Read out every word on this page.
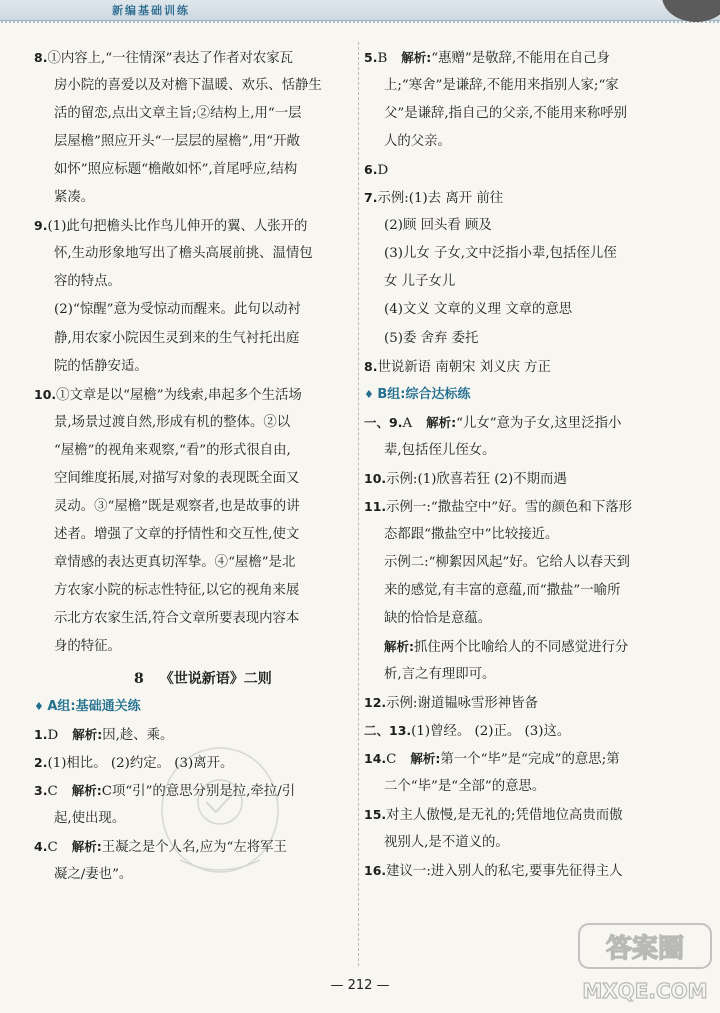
新编基础训练
8.①内容上,“一往情深”表达了作者对农家瓦
房小院的喜爱以及对檐下温暖、欢乐、恬静生
活的留恋,点出文章主旨;②结构上,用“一层
层屋檐”照应开头“一层层的屋檐”,用“开敞
如怀”照应标题“檐敞如怀”,首尾呼应,结构
紧凑。
9.(1)此句把檐头比作鸟儿伸开的翼、人张开的
怀,生动形象地写出了檐头高展前挑、温情包
容的特点。
(2)“惊醒”意为受惊动而醒来。此句以动衬
静,用农家小院因生灵到来的生气衬托出庭
院的恬静安适。
10.①文章是以“屋檐”为线索,串起多个生活场
景,场景过渡自然,形成有机的整体。②以
“屋檐”的视角来观察,“看”的形式很自由,
空间维度拓展,对描写对象的表现既全面又
灵动。③“屋檐”既是观察者,也是故事的讲
述者。增强了文章的抒情性和交互性,使文
章情感的表达更真切浑挚。④“屋檐”是北
方农家小院的标志性特征,以它的视角来展
示北方农家生活,符合文章所要表现内容本
身的特征。
8 《世说新语》二则
♦ A组:基础通关练
1.D 解析:因,趁、乘。
2.(1)相比。 (2)约定。 (3)离开。
3.C 解析:C项“引”的意思分别是拉,牵拉/引
起,使出现。
4.C 解析:王凝之是个人名,应为“左将军王
凝之/妻也”。
5.B 解析:“惠赠”是敬辞,不能用在自己身
上;“寒舍”是谦辞,不能用来指别人家;“家
父”是谦辞,指自己的父亲,不能用来称呼别
人的父亲。
6.D
7.示例:(1)去 离开 前往
(2)顾 回头看 顾及
(3)儿女 子女,文中泛指小辈,包括侄儿侄
女 儿子女儿
(4)文义 文章的义理 文章的意思
(5)委 舍弃 委托
8.世说新语 南朝宋 刘义庆 方正
♦ B组:综合达标练
一、9.A 解析:“儿女”意为子女,这里泛指小
辈,包括侄儿侄女。
10.示例:(1)欣喜若狂 (2)不期而遇
11.示例一:“撒盐空中”好。雪的颜色和下落形
态都跟“撒盐空中”比较接近。
示例二:“柳絮因风起”好。它给人以春天到
来的感觉,有丰富的意蕴,而“撒盐”一喻所
缺的恰恰是意蕴。
解析:抓住两个比喻给人的不同感觉进行分
析,言之有理即可。
12.示例:谢道韫咏雪形神皆备
二、13.(1)曾经。 (2)正。 (3)这。
14.C 解析:第一个“毕”是“完成”的意思;第
二个“毕”是“全部”的意思。
15.对主人傲慢,是无礼的;凭借地位高贵而傲
视别人,是不道义的。
16.建议一:进入别人的私宅,要事先征得主人
— 212 —
答案圈
MXQE.COM
